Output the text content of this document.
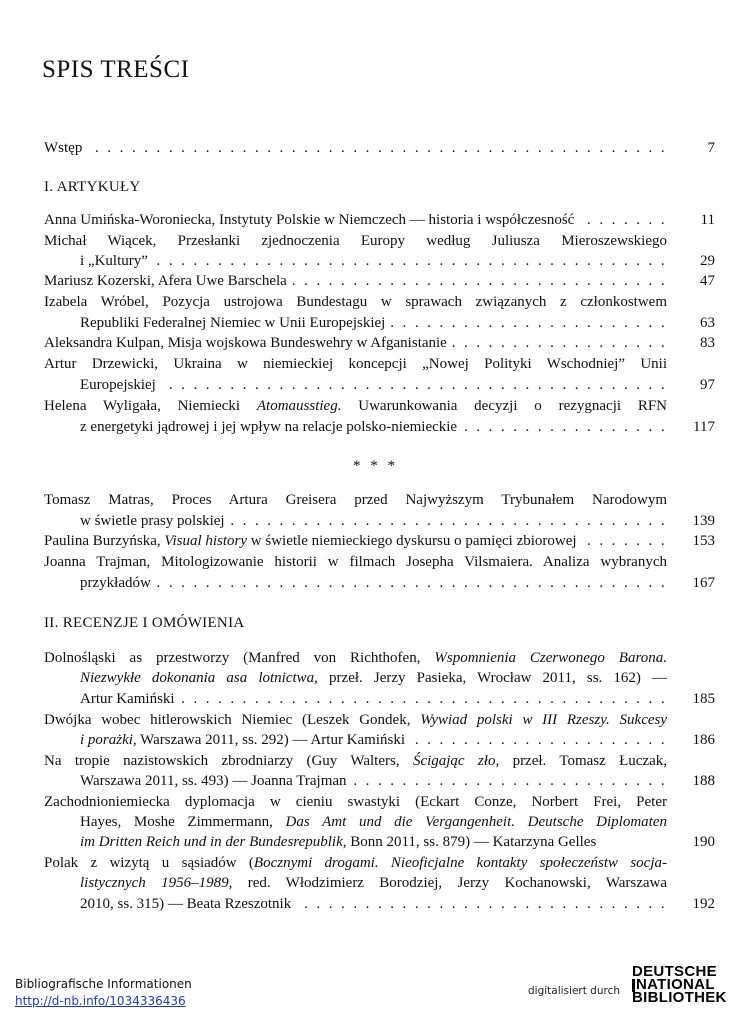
SPIS TREŚCI
. . . Wstęp	7
I. ARTYKUŁY
. . . Anna Umińska-Woroniecka, Instytuty Polskie w Niemczech — historia i współczesność	11
Michał Wiącek, Przesłanki zjednoczenia Europy według Juliusza Mieroszewskiego
. . . i „Kultury”	29
. . . Mariusz Kozerski, Afera Uwe Barschela	47
Izabela Wróbel, Pozycja ustrojowa Bundestagu w sprawach związanych z członkostwem
. . . Republiki Federalnej Niemiec w Unii Europejskiej	63
. . . Aleksandra Kulpan, Misja wojskowa Bundeswehry w Afganistanie	83
Artur Drzewicki, Ukraina w niemieckiej koncepcji „Nowej Polityki Wschodniej” Unii
. . . Europejskiej	97
Helena Wyligała, Niemiecki Atomausstieg. Uwarunkowania decyzji o rezygnacji RFN
. . . z energetyki jądrowej i jej wpływ na relacje polsko-niemieckie	117
* * *
Tomasz Matras, Proces Artura Greisera przed Najwyższym Trybunałem Narodowym
. . . w świetle prasy polskiej	139
. . . Paulina Burzyńska, Visual history w świetle niemieckiego dyskursu o pamięci zbiorowej	153
Joanna Trajman, Mitologizowanie historii w filmach Josepha Vilsmaiera. Analiza wybranych
. . . przykładów	167
II. RECENZJE I OMÓWIENIA
Dolnośląski as przestworzy (Manfred von Richthofen, Wspomnienia Czerwonego Barona.
Niezwykłe dokonania asa lotnictwa, przeł. Jerzy Pasieka, Wrocław 2011, ss. 162) —
. . . Artur Kamiński	185
Dwójka wobec hitlerowskich Niemiec (Leszek Gondek, Wywiad polski w III Rzeszy. Sukcesy
. . . i porażki, Warszawa 2011, ss. 292) — Artur Kamiński	186
Na tropie nazistowskich zbrodniarzy (Guy Walters, Ścigając zło, przeł. Tomasz Łuczak,
. . . Warszawa 2011, ss. 493) — Joanna Trajman	188
Zachodnioniemiecka dyplomacja w cieniu swastyki (Eckart Conze, Norbert Frei, Peter
Hayes, Moshe Zimmermann, Das Amt und die Vergangenheit. Deutsche Diplomaten
im Dritten Reich und in der Bundesrepublik, Bonn 2011, ss. 879) — Katarzyna Gelles	190
Polak z wizytą u sąsiadów (Bocznymi drogami. Nieoficjalne kontakty społeczeństw socja-
listycznych 1956–1989, red. Włodzimierz Borodziej, Jerzy Kochanowski, Warszawa
. . . 2010, ss. 315) — Beata Rzeszotnik	192
Bibliografische Informationen
http://d-nb.info/1034336436
digitalisiert durch
DEUTSCHE
NATIONAL
BIBLIOTHEK
